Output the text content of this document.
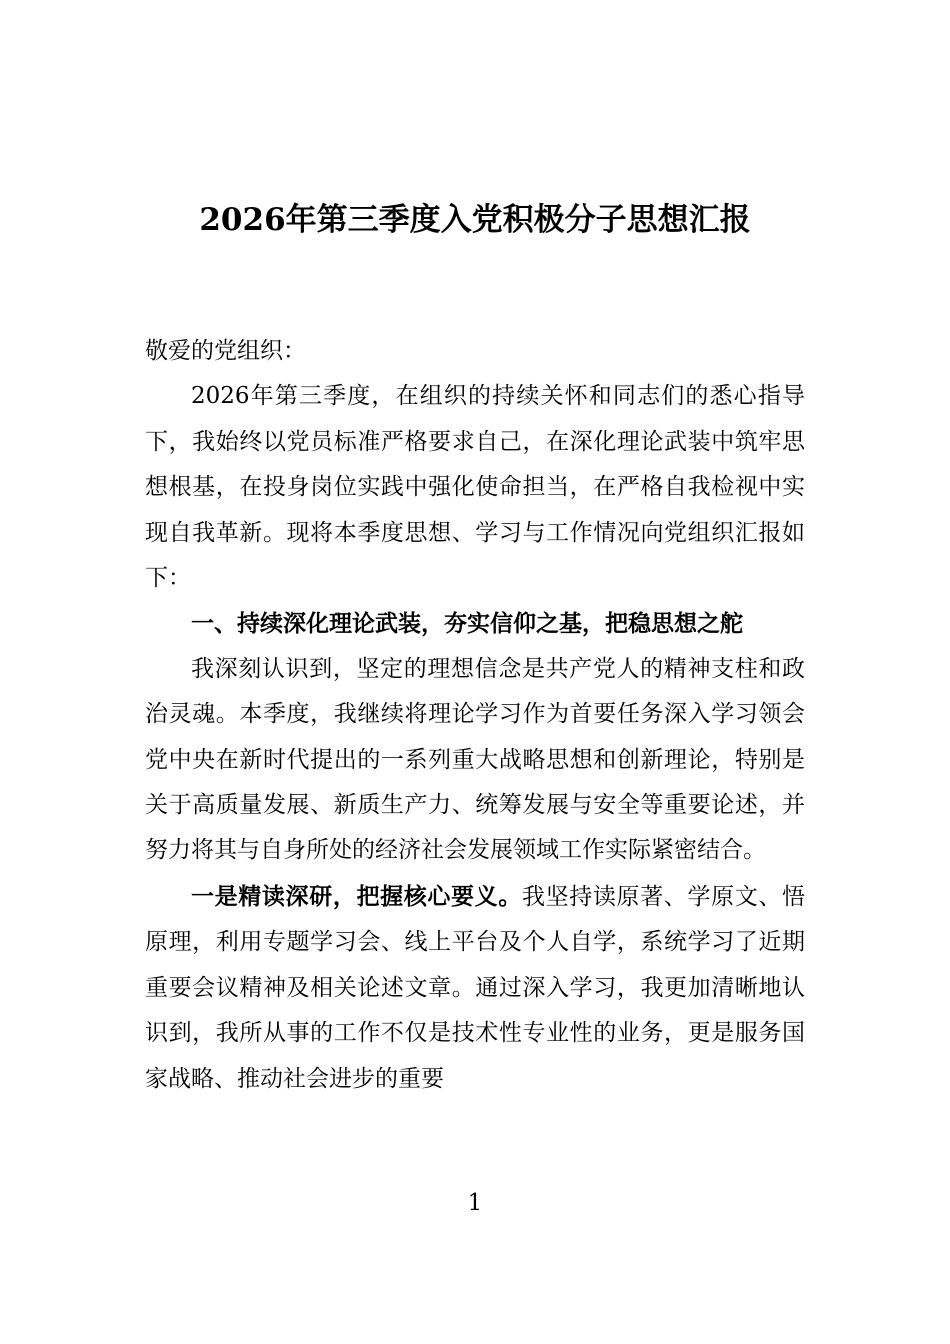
2026年第三季度入党积极分子思想汇报

敬爱的党组织：

2026年第三季度，在组织的持续关怀和同志们的悉心指导下，我始终以党员标准严格要求自己，在深化理论武装中筑牢思想根基，在投身岗位实践中强化使命担当，在严格自我检视中实现自我革新。现将本季度思想、学习与工作情况向党组织汇报如下：

一、持续深化理论武装，夯实信仰之基，把稳思想之舵

我深刻认识到，坚定的理想信念是共产党人的精神支柱和政治灵魂。本季度，我继续将理论学习作为首要任务深入学习领会党中央在新时代提出的一系列重大战略思想和创新理论，特别是关于高质量发展、新质生产力、统筹发展与安全等重要论述，并努力将其与自身所处的经济社会发展领域工作实际紧密结合。

一是精读深研，把握核心要义。我坚持读原著、学原文、悟原理，利用专题学习会、线上平台及个人自学，系统学习了近期重要会议精神及相关论述文章。通过深入学习，我更加清晰地认识到，我所从事的工作不仅是技术性专业性的业务，更是服务国家战略、推动社会进步的重要

1
